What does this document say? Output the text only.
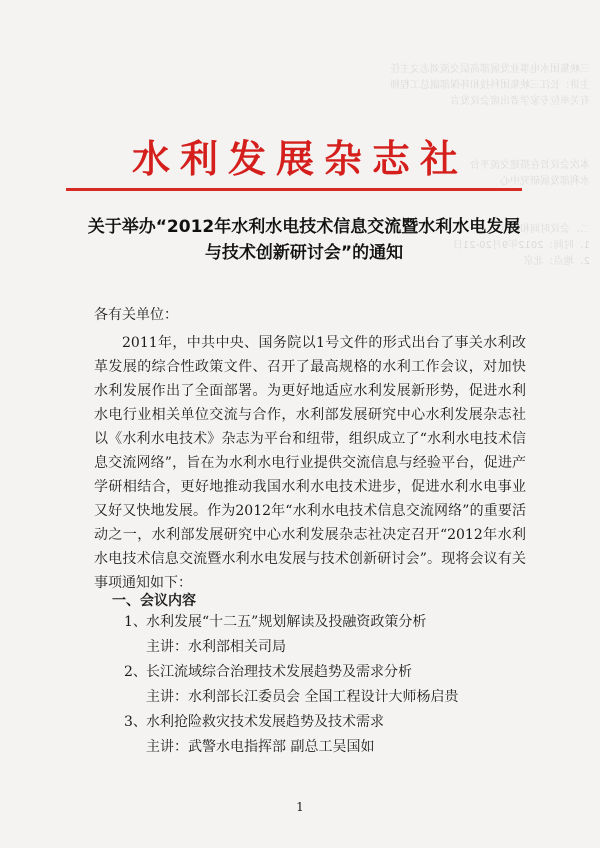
三峡集团水电事业发展部高层交流刘志文主任
主讲：长江三峡集团科技和环保部副总工程师
有关单位专家学者出席会议发言
本次会议旨在搭建交流平台
水利部发展研究中心
二、会议时间和地点
1、时间：2012年9月20-21日
2、地点：北京
水利发展杂志社
关于举办“2012年水利水电技术信息交流暨水利水电发展与技术创新研讨会”的通知
各有关单位：

2011年，中共中央、国务院以1号文件的形式出台了事关水利改革发展的综合性政策文件、召开了最高规格的水利工作会议，对加快水利发展作出了全面部署。为更好地适应水利发展新形势，促进水利水电行业相关单位交流与合作，水利部发展研究中心水利发展杂志社以《水利水电技术》杂志为平台和纽带，组织成立了“水利水电技术信息交流网络”，旨在为水利水电行业提供交流信息与经验平台，促进产学研相结合，更好地推动我国水利水电技术进步，促进水利水电事业又好又快地发展。作为2012年“水利水电技术信息交流网络”的重要活动之一，水利部发展研究中心水利发展杂志社决定召开“2012年水利水电技术信息交流暨水利水电发展与技术创新研讨会”。现将会议有关事项通知如下：

一、会议内容
1、水利发展“十二五”规划解读及投融资政策分析
主讲：水利部相关司局
2、长江流域综合治理技术发展趋势及需求分析
主讲：水利部长江委员会 全国工程设计大师杨启贵
3、水利抢险救灾技术发展趋势及技术需求
主讲：武警水电指挥部 副总工吴国如
1
